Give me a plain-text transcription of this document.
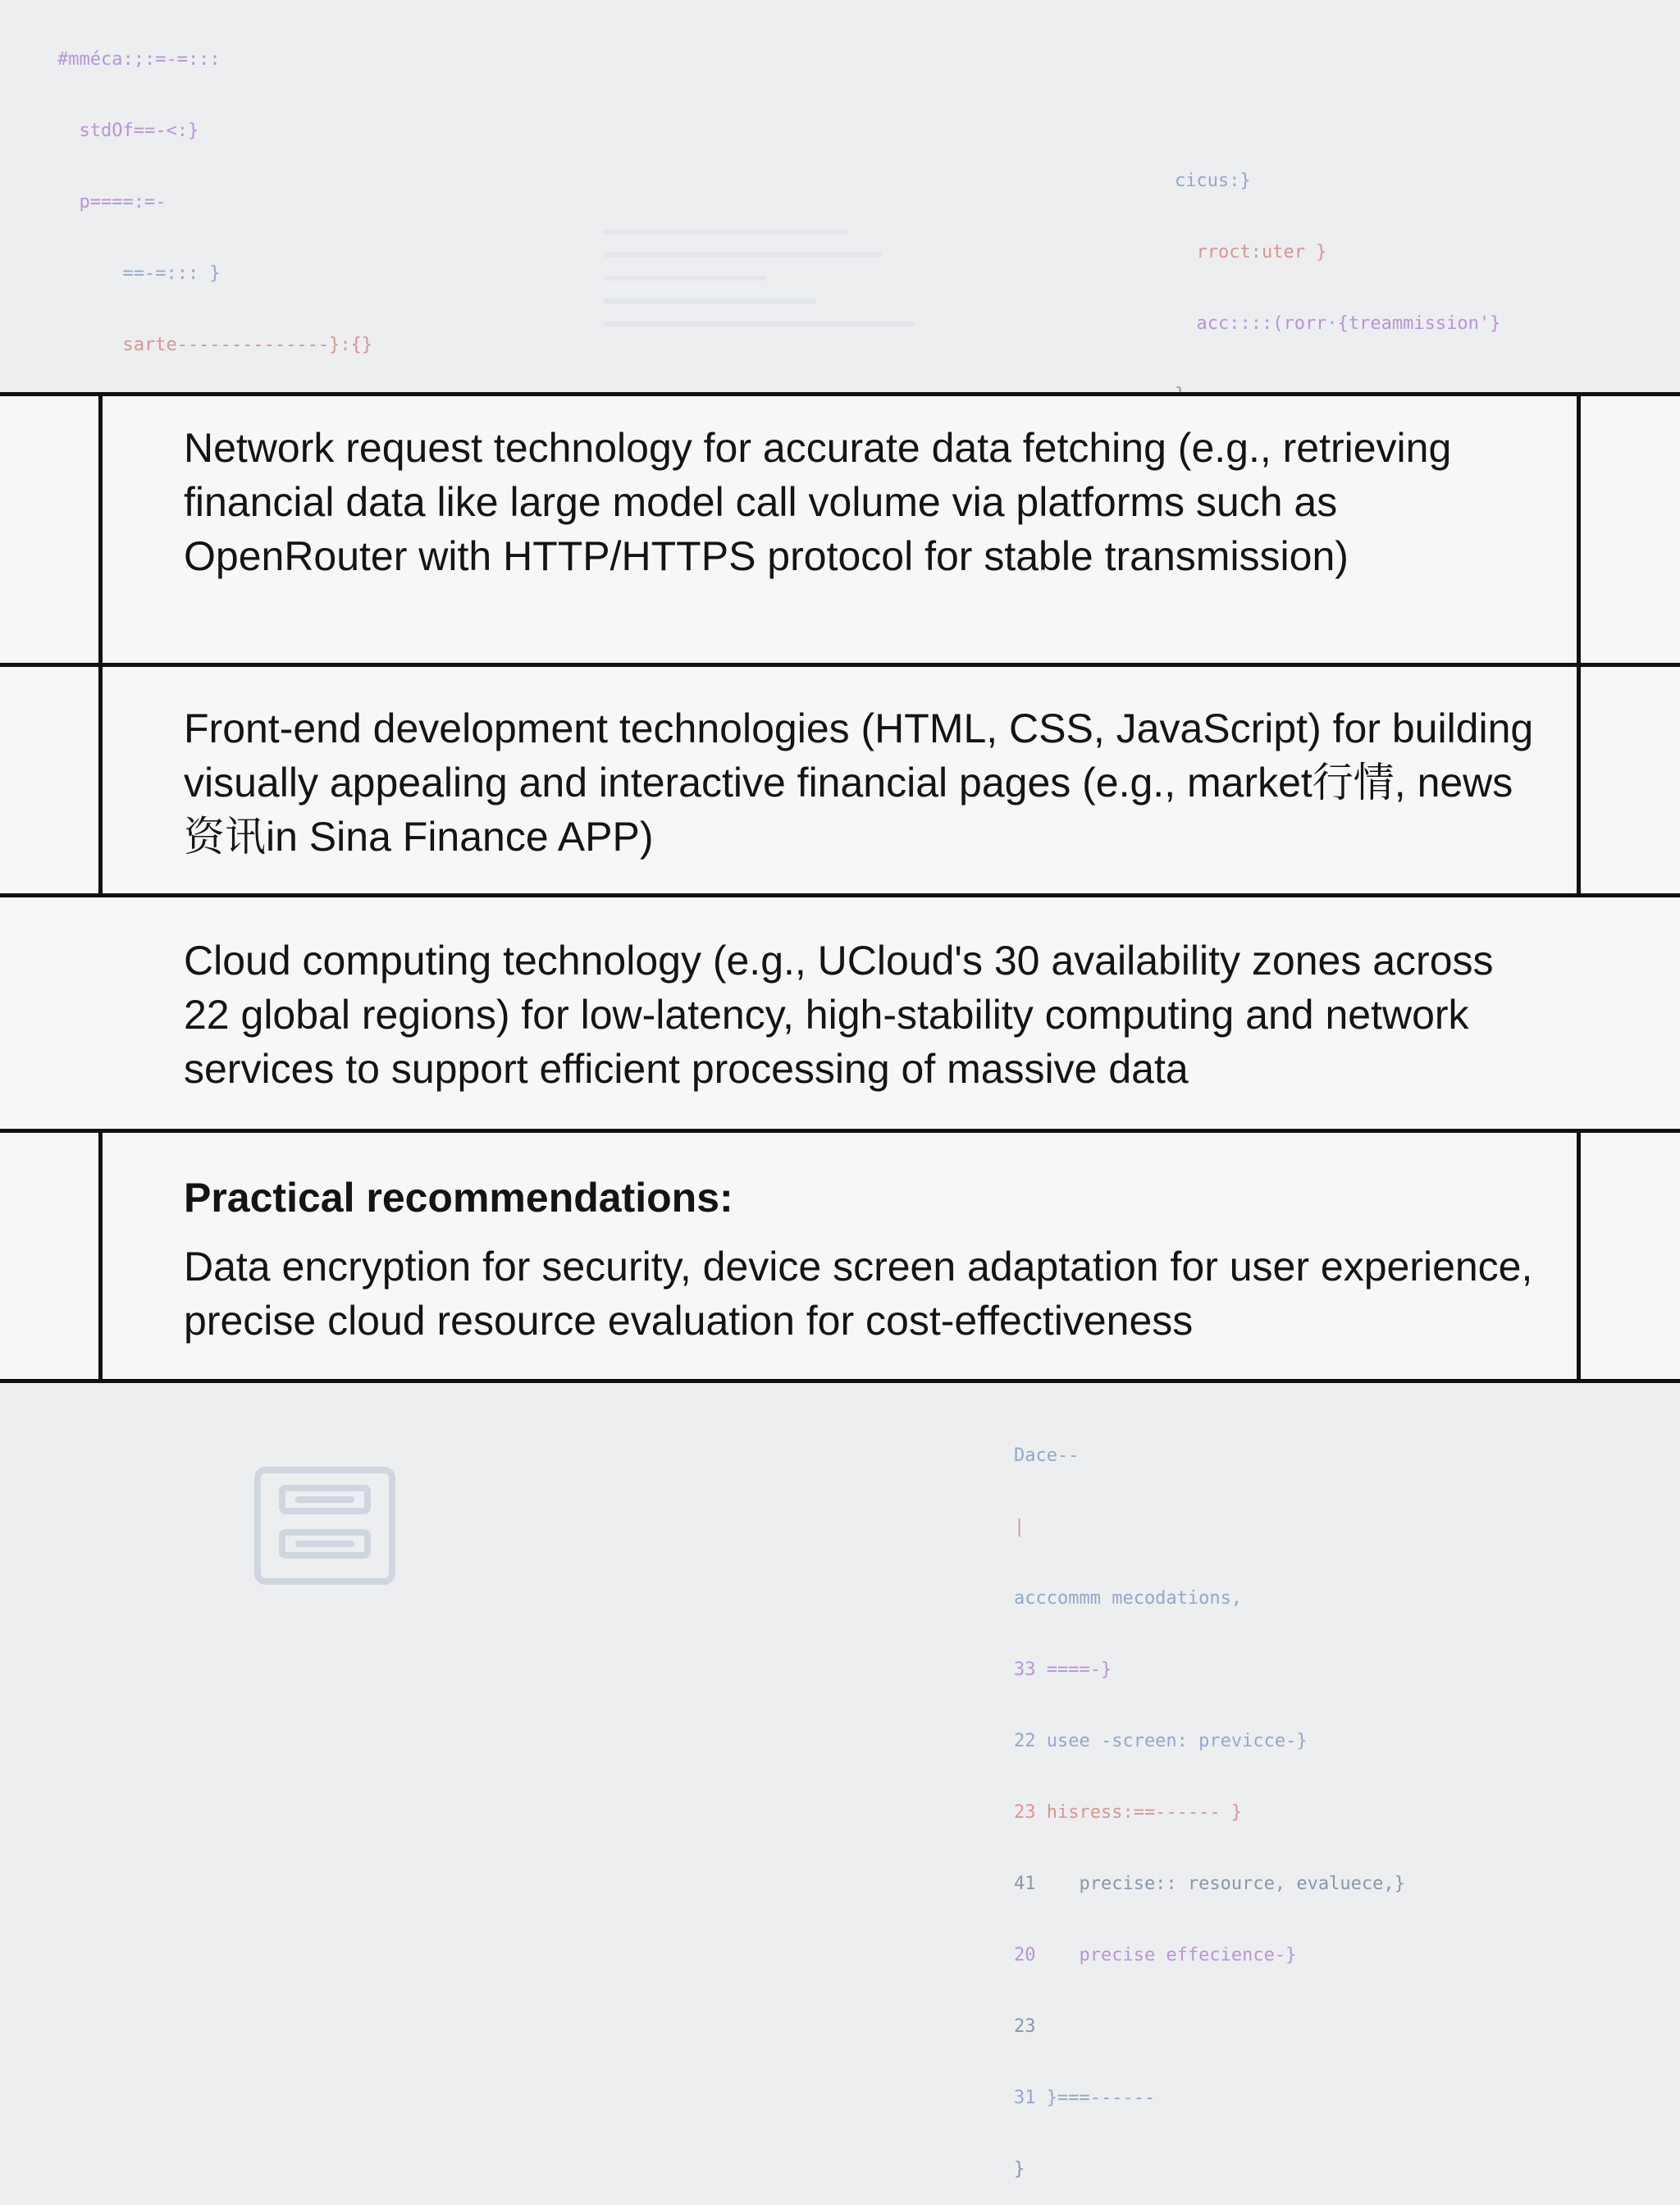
#mméca:;:=-=:::

stdOf==-<:}

p====:=-

==-=::: }

sarte--------------}:{}

cicus:}

rroct:uter }

acc::::(rorr·{treammission'}

Network request technology for accurate data fetching (e.g., retrieving financial data like large model call volume via platforms such as OpenRouter with HTTP/HTTPS protocol for stable transmission)
Front-end development technologies (HTML, CSS, JavaScript) for building visually appealing and interactive financial pages (e.g., market行情, news 资讯in Sina Finance APP)
Cloud computing technology (e.g., UCloud's 30 availability zones across 22 global regions) for low-latency, high-stability computing and network services to support efficient processing of massive data
Practical recommendations:
Data encryption for security, device screen adaptation for user experience, precise cloud resource evaluation for cost-effectiveness

Dace--

|

acccommm mecodations,

33 ====-}

22 usee -screen: previcce-}

23 hisress:==------ }

41    precise:: resource, evaluece,}

20    precise effecience-}

23

31 }===------

}
